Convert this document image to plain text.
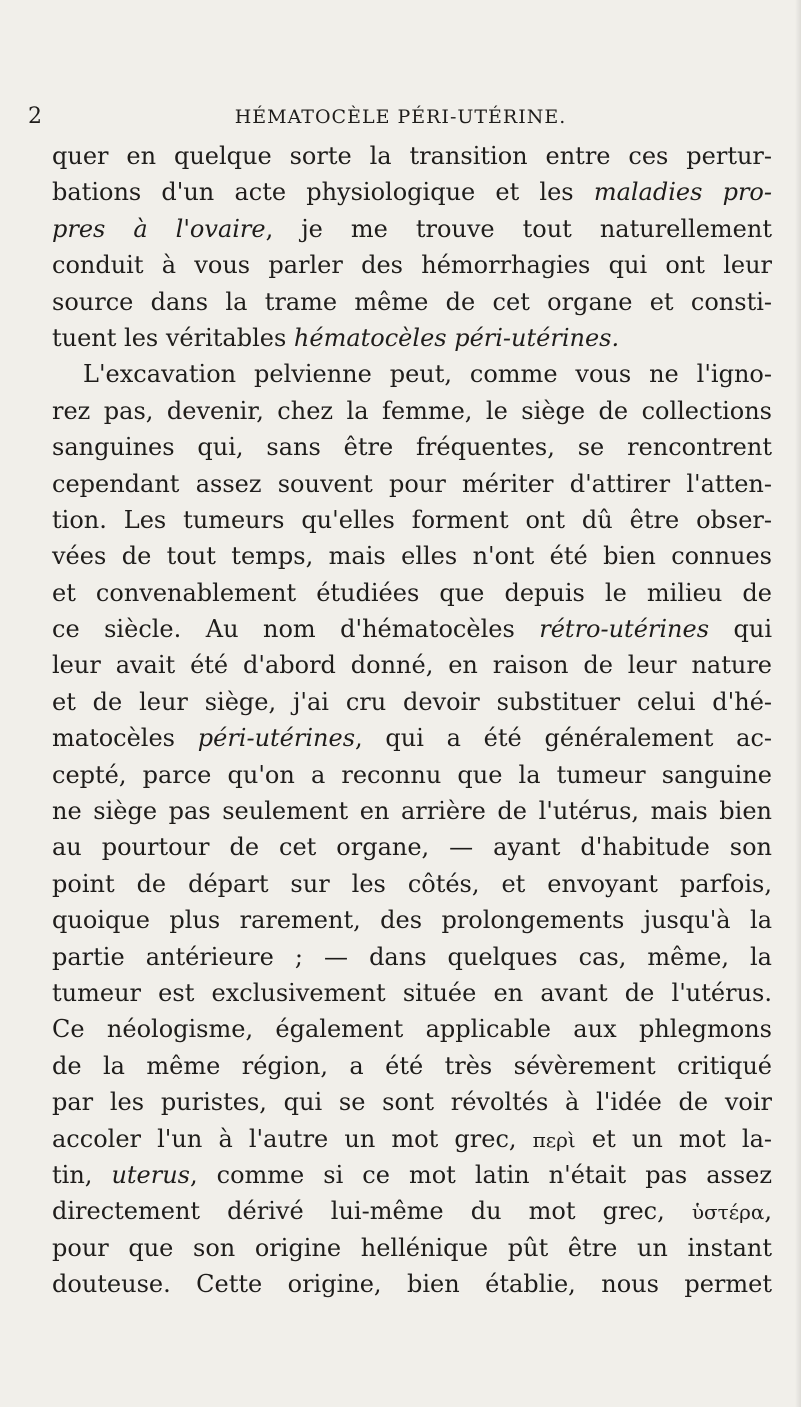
2	HÉMATOCÈLE PÉRI-UTÉRINE.
quer en quelque sorte la transition entre ces pertur-
bations d'un acte physiologique et les maladies pro-
pres à l'ovaire, je me trouve tout naturellement
conduit à vous parler des hémorrhagies qui ont leur
source dans la trame même de cet organe et consti-
tuent les véritables hématocèles péri-utérines.
L'excavation pelvienne peut, comme vous ne l'igno-
rez pas, devenir, chez la femme, le siège de collections
sanguines qui, sans être fréquentes, se rencontrent
cependant assez souvent pour mériter d'attirer l'atten-
tion. Les tumeurs qu'elles forment ont dû être obser-
vées de tout temps, mais elles n'ont été bien connues
et convenablement étudiées que depuis le milieu de
ce siècle. Au nom d'hématocèles rétro-utérines qui
leur avait été d'abord donné, en raison de leur nature
et de leur siège, j'ai cru devoir substituer celui d'hé-
matocèles péri-utérines, qui a été généralement ac-
cepté, parce qu'on a reconnu que la tumeur sanguine
ne siège pas seulement en arrière de l'utérus, mais bien
au pourtour de cet organe, — ayant d'habitude son
point de départ sur les côtés, et envoyant parfois,
quoique plus rarement, des prolongements jusqu'à la
partie antérieure ; — dans quelques cas, même, la
tumeur est exclusivement située en avant de l'utérus.
Ce néologisme, également applicable aux phlegmons
de la même région, a été très sévèrement critiqué
par les puristes, qui se sont révoltés à l'idée de voir
accoler l'un à l'autre un mot grec, περὶ et un mot la-
tin, uterus, comme si ce mot latin n'était pas assez
directement dérivé lui-même du mot grec, ὑστέρα,
pour que son origine hellénique pût être un instant
douteuse. Cette origine, bien établie, nous permet
